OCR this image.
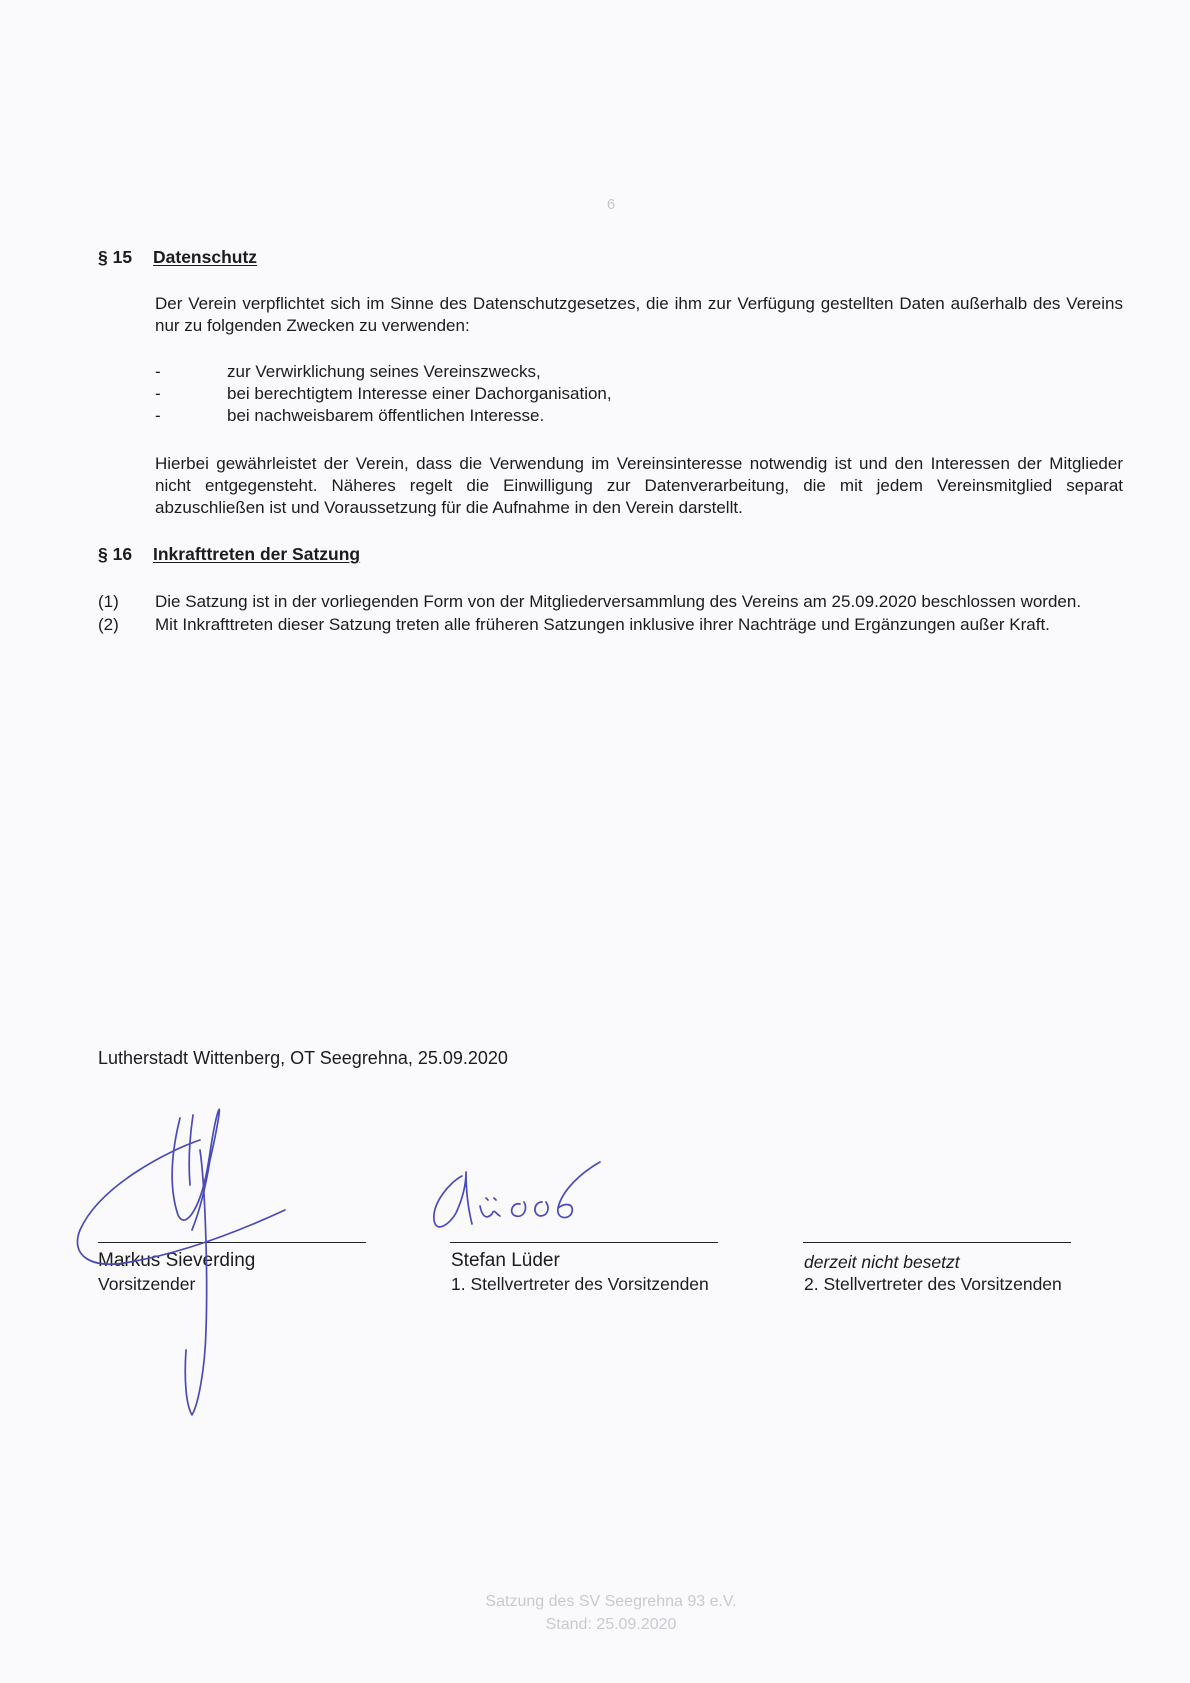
6
§ 15 Datenschutz
Der Verein verpflichtet sich im Sinne des Datenschutzgesetzes, die ihm zur Verfügung gestellten Daten außerhalb des Vereins nur zu folgenden Zwecken zu verwenden:
-	zur Verwirklichung seines Vereinszwecks,
-	bei berechtigtem Interesse einer Dachorganisation,
-	bei nachweisbarem öffentlichen Interesse.
Hierbei gewährleistet der Verein, dass die Verwendung im Vereinsinteresse notwendig ist und den Interessen der Mitglieder nicht entgegensteht. Näheres regelt die Einwilligung zur Datenverarbeitung, die mit jedem Vereinsmitglied separat abzuschließen ist und Voraussetzung für die Aufnahme in den Verein darstellt.
§ 16 Inkrafttreten der Satzung
(1)	Die Satzung ist in der vorliegenden Form von der Mitgliederversammlung des Vereins am 25.09.2020 beschlossen worden.
(2)	Mit Inkrafttreten dieser Satzung treten alle früheren Satzungen inklusive ihrer Nachträge und Ergänzungen außer Kraft.
Lutherstadt Wittenberg, OT Seegrehna, 25.09.2020
Markus Sieverding
Vorsitzender
Stefan Lüder
1. Stellvertreter des Vorsitzenden
derzeit nicht besetzt
2. Stellvertreter des Vorsitzenden
Satzung des SV Seegrehna 93 e.V.
Stand: 25.09.2020
